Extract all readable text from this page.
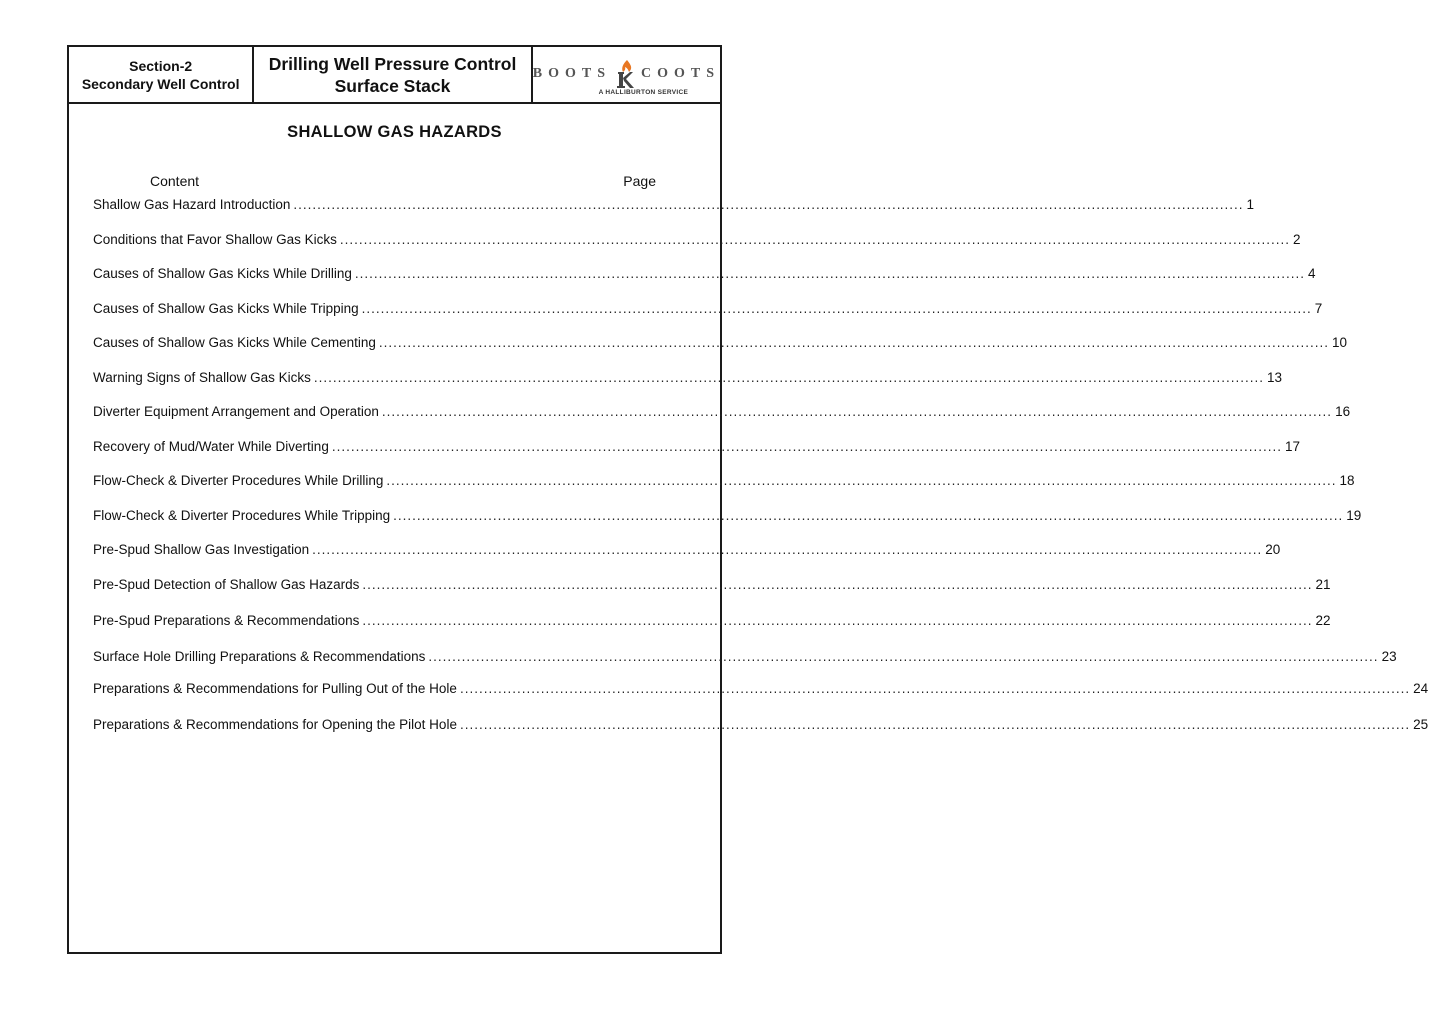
Section-2
Secondary Well Control
Drilling Well Pressure Control
Surface Stack
BOOTS COOTS
A HALLIBURTON SERVICE
SHALLOW GAS HAZARDS
Content	Page
Shallow Gas Hazard Introduction ........................................................................................................................................................................................................ 1
Conditions that Favor Shallow Gas Kicks ........................................................................................................................................................................................................ 2
Causes of Shallow Gas Kicks While Drilling ........................................................................................................................................................................................................ 4
Causes of Shallow Gas Kicks While Tripping ........................................................................................................................................................................................................ 7
Causes of Shallow Gas Kicks While Cementing ........................................................................................................................................................................................................ 10
Warning Signs of Shallow Gas Kicks ........................................................................................................................................................................................................ 13
Diverter Equipment Arrangement and Operation ........................................................................................................................................................................................................ 16
Recovery of Mud/Water While Diverting ........................................................................................................................................................................................................ 17
Flow-Check & Diverter Procedures While Drilling ........................................................................................................................................................................................................ 18
Flow-Check & Diverter Procedures While Tripping ........................................................................................................................................................................................................ 19
Pre-Spud Shallow Gas Investigation ........................................................................................................................................................................................................ 20
Pre-Spud Detection of Shallow Gas Hazards ........................................................................................................................................................................................................ 21
Pre-Spud Preparations & Recommendations ........................................................................................................................................................................................................ 22
Surface Hole Drilling Preparations & Recommendations ........................................................................................................................................................................................................ 23
Preparations & Recommendations for Pulling Out of the Hole ........................................................................................................................................................................................................ 24
Preparations & Recommendations for Opening the Pilot Hole ........................................................................................................................................................................................................ 25
